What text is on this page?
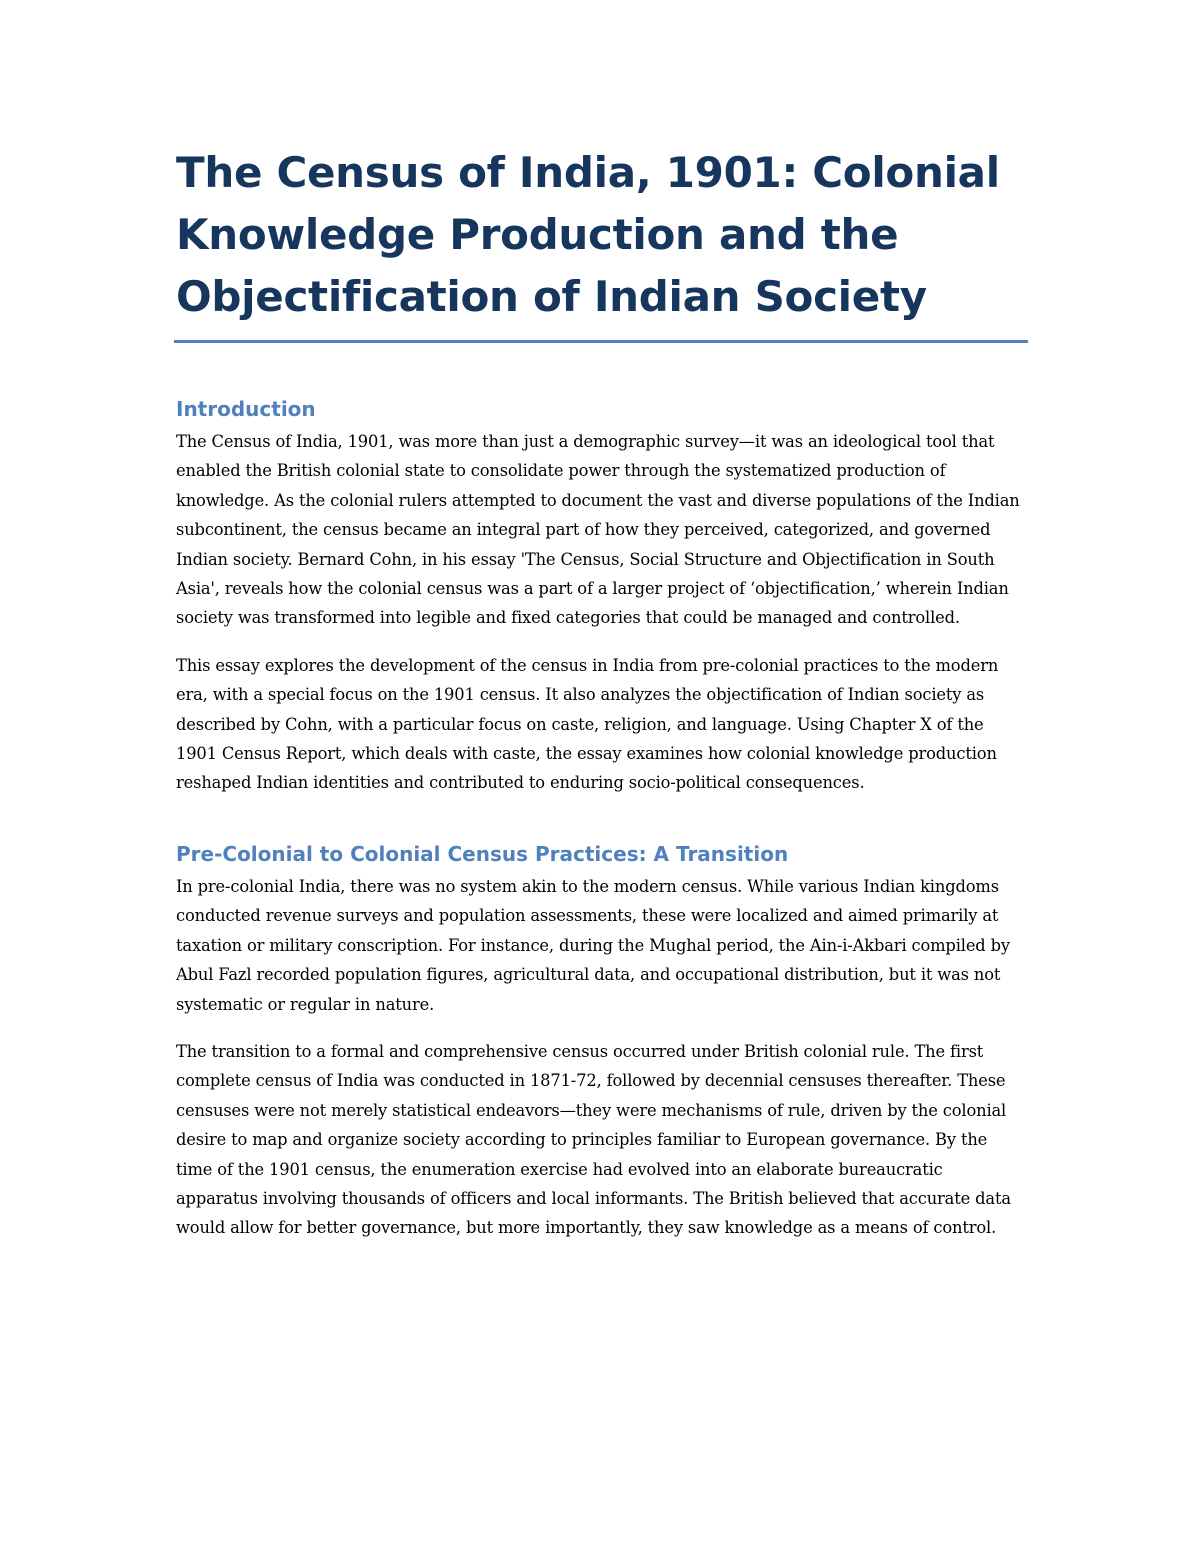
The Census of India, 1901: Colonial Knowledge Production and the Objectification of Indian Society
Introduction

The Census of India, 1901, was more than just a demographic survey—it was an ideological tool that enabled the British colonial state to consolidate power through the systematized production of knowledge. As the colonial rulers attempted to document the vast and diverse populations of the Indian subcontinent, the census became an integral part of how they perceived, categorized, and governed Indian society. Bernard Cohn, in his essay 'The Census, Social Structure and Objectification in South Asia', reveals how the colonial census was a part of a larger project of ‘objectification,’ wherein Indian society was transformed into legible and fixed categories that could be managed and controlled.

This essay explores the development of the census in India from pre-colonial practices to the modern era, with a special focus on the 1901 census. It also analyzes the objectification of Indian society as described by Cohn, with a particular focus on caste, religion, and language. Using Chapter X of the 1901 Census Report, which deals with caste, the essay examines how colonial knowledge production reshaped Indian identities and contributed to enduring socio-political consequences.

Pre-Colonial to Colonial Census Practices: A Transition

In pre-colonial India, there was no system akin to the modern census. While various Indian kingdoms conducted revenue surveys and population assessments, these were localized and aimed primarily at taxation or military conscription. For instance, during the Mughal period, the Ain-i-Akbari compiled by Abul Fazl recorded population figures, agricultural data, and occupational distribution, but it was not systematic or regular in nature.

The transition to a formal and comprehensive census occurred under British colonial rule. The first complete census of India was conducted in 1871-72, followed by decennial censuses thereafter. These censuses were not merely statistical endeavors—they were mechanisms of rule, driven by the colonial desire to map and organize society according to principles familiar to European governance. By the time of the 1901 census, the enumeration exercise had evolved into an elaborate bureaucratic apparatus involving thousands of officers and local informants. The British believed that accurate data would allow for better governance, but more importantly, they saw knowledge as a means of control.
